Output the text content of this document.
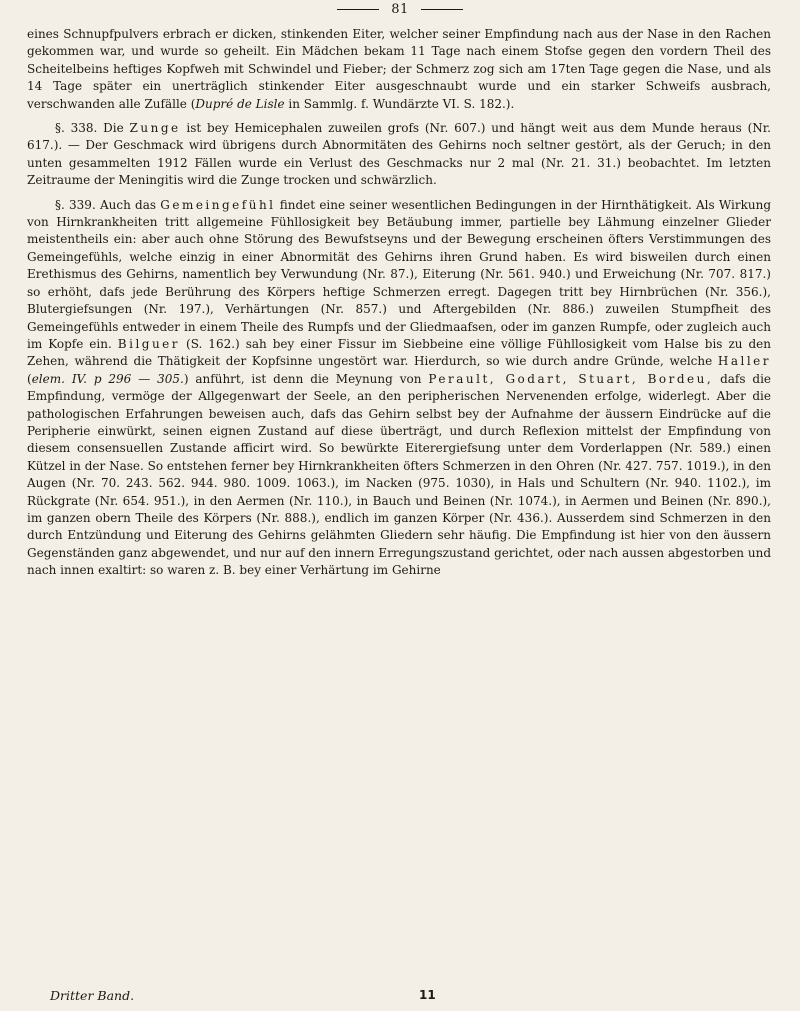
81

eines Schnupfpulvers erbrach er dicken, stinkenden Eiter, welcher seiner Empfindung nach aus der Nase in den Rachen gekommen war, und wurde so geheilt. Ein Mädchen bekam 11 Tage nach einem Stofse gegen den vordern Theil des Scheitelbeins heftiges Kopfweh mit Schwindel und Fieber; der Schmerz zog sich am 17ten Tage gegen die Nase, und als 14 Tage später ein unerträglich stinkender Eiter ausgeschnaubt wurde und ein starker Schweifs ausbrach, verschwanden alle Zufälle (Dupré de Lisle in Sammlg. f. Wundärzte VI. S. 182.).

§. 338. Die Zunge ist bey Hemicephalen zuweilen grofs (Nr. 607.) und hängt weit aus dem Munde heraus (Nr. 617.). — Der Geschmack wird übrigens durch Abnormitäten des Gehirns noch seltner gestört, als der Geruch; in den unten gesammelten 1912 Fällen wurde ein Verlust des Geschmacks nur 2 mal (Nr. 21. 31.) beobachtet. Im letzten Zeitraume der Meningitis wird die Zunge trocken und schwärzlich.

§. 339. Auch das Gemeingefühl findet eine seiner wesentlichen Bedingungen in der Hirnthätigkeit. Als Wirkung von Hirnkrankheiten tritt allgemeine Fühllosigkeit bey Betäubung immer, partielle bey Lähmung einzelner Glieder meistentheils ein: aber auch ohne Störung des Bewufstseyns und der Bewegung erscheinen öfters Verstimmungen des Gemeingefühls, welche einzig in einer Abnormität des Gehirns ihren Grund haben. Es wird bisweilen durch einen Erethismus des Gehirns, namentlich bey Verwundung (Nr. 87.), Eiterung (Nr. 561. 940.) und Erweichung (Nr. 707. 817.) so erhöht, dafs jede Berührung des Körpers heftige Schmerzen erregt. Dagegen tritt bey Hirnbrüchen (Nr. 356.), Blutergiefsungen (Nr. 197.), Verhärtungen (Nr. 857.) und Aftergebilden (Nr. 886.) zuweilen Stumpfheit des Gemeingefühls entweder in einem Theile des Rumpfs und der Gliedmaafsen, oder im ganzen Rumpfe, oder zugleich auch im Kopfe ein. Bilguer (S. 162.) sah bey einer Fissur im Siebbeine eine völlige Fühllosigkeit vom Halse bis zu den Zehen, während die Thätigkeit der Kopfsinne ungestört war. Hierdurch, so wie durch andre Gründe, welche Haller (elem. IV. p 296 — 305.) anführt, ist denn die Meynung von Perault, Godart, Stuart, Bordeu, dafs die Empfindung, vermöge der Allgegenwart der Seele, an den peripherischen Nervenenden erfolge, widerlegt. Aber die pathologischen Erfahrungen beweisen auch, dafs das Gehirn selbst bey der Aufnahme der äussern Eindrücke auf die Peripherie einwürkt, seinen eignen Zustand auf diese überträgt, und durch Reflexion mittelst der Empfindung von diesem consensuellen Zustande afficirt wird. So bewürkte Eiterergiefsung unter dem Vorderlappen (Nr. 589.) einen Kützel in der Nase. So entstehen ferner bey Hirnkrankheiten öfters Schmerzen in den Ohren (Nr. 427. 757. 1019.), in den Augen (Nr. 70. 243. 562. 944. 980. 1009. 1063.), im Nacken (975. 1030), in Hals und Schultern (Nr. 940. 1102.), im Rückgrate (Nr. 654. 951.), in den Aermen (Nr. 110.), in Bauch und Beinen (Nr. 1074.), in Aermen und Beinen (Nr. 890.), im ganzen obern Theile des Körpers (Nr. 888.), endlich im ganzen Körper (Nr. 436.). Ausserdem sind Schmerzen in den durch Entzündung und Eiterung des Gehirns gelähmten Gliedern sehr häufig. Die Empfindung ist hier von den äussern Gegenständen ganz abgewendet, und nur auf den innern Erregungszustand gerichtet, oder nach aussen abgestorben und nach innen exaltirt: so waren z. B. bey einer Verhärtung im Gehirne

Dritter Band.	11
